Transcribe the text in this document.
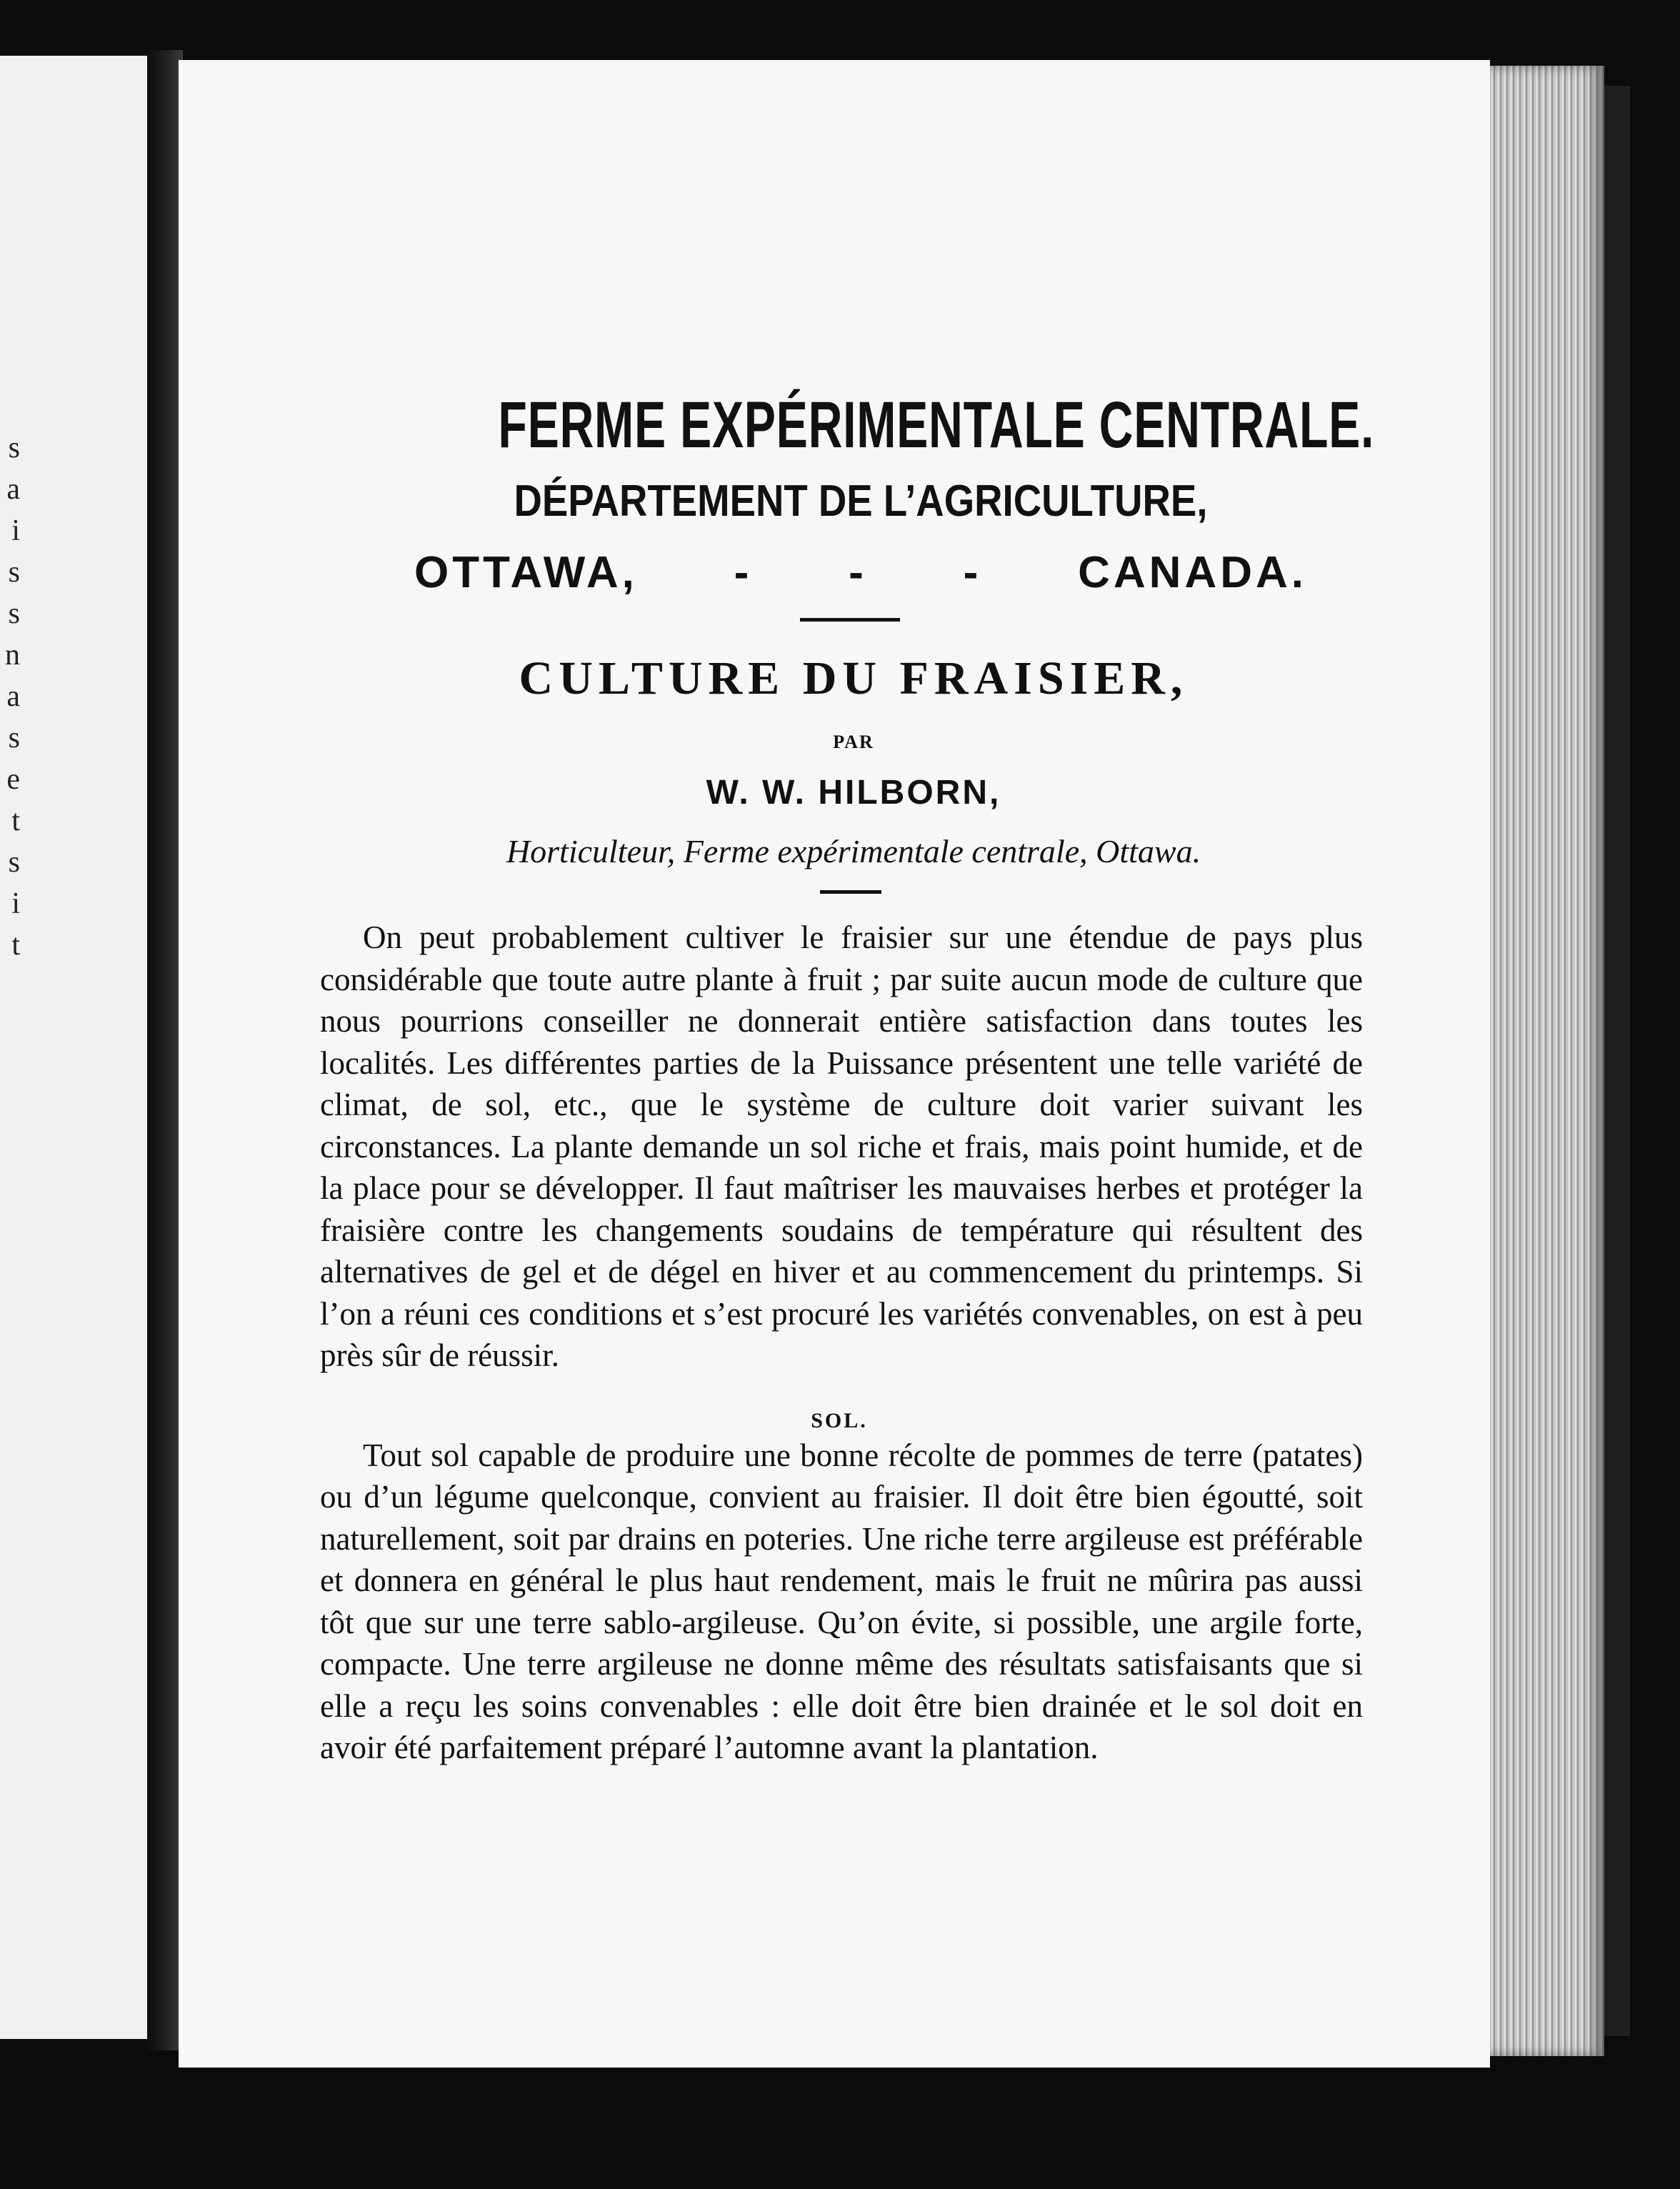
s
a
i
s
s
n
a
s
e
t
s
i
t
FERME EXPÉRIMENTALE CENTRALE.
DÉPARTEMENT DE L’AGRICULTURE,
OTTAWA, - - - CANADA.
CULTURE DU FRAISIER,
PAR
W. W. HILBORN,
Horticulteur, Ferme expérimentale centrale, Ottawa.

On peut probablement cultiver le fraisier sur une étendue de pays plus considérable que toute autre plante à fruit ; par suite aucun mode de culture que nous pourrions conseiller ne donnerait entière satisfaction dans toutes les localités. Les différentes parties de la Puissance présentent une telle variété de climat, de sol, etc., que le système de culture doit varier suivant les circonstances. La plante demande un sol riche et frais, mais point humide, et de la place pour se développer. Il faut maîtriser les mauvaises herbes et protéger la fraisière contre les changements soudains de température qui résultent des alternatives de gel et de dégel en hiver et au commencement du printemps. Si l’on a réuni ces conditions et s’est procuré les variétés convenables, on est à peu près sûr de réussir.

SOL.

Tout sol capable de produire une bonne récolte de pommes de terre (patates) ou d’un légume quelconque, convient au fraisier. Il doit être bien égoutté, soit naturellement, soit par drains en poteries. Une riche terre argileuse est préférable et donnera en général le plus haut rendement, mais le fruit ne mûrira pas aussi tôt que sur une terre sablo-argileuse. Qu’on évite, si possible, une argile forte, compacte. Une terre argileuse ne donne même des résultats satisfaisants que si elle a reçu les soins convenables : elle doit être bien drainée et le sol doit en avoir été parfaitement préparé l’automne avant la plantation.
